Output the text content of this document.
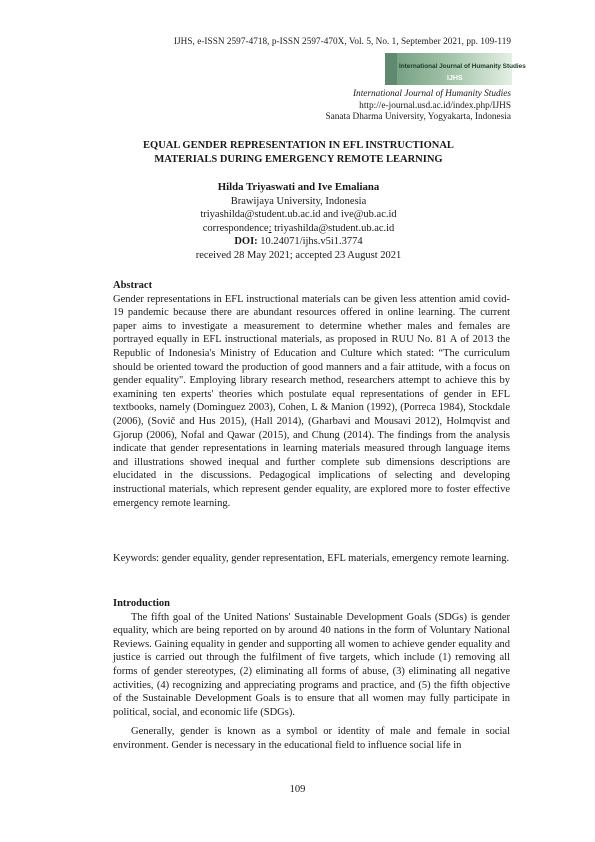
IJHS, e-ISSN 2597-4718, p-ISSN 2597-470X, Vol. 5, No. 1, September 2021, pp. 109-119
International Journal of Humanity Studies
IJHS
International Journal of Humanity Studies
http://e-journal.usd.ac.id/index.php/IJHS
Sanata Dharma University, Yogyakarta, Indonesia
EQUAL GENDER REPRESENTATION IN EFL INSTRUCTIONAL
MATERIALS DURING EMERGENCY REMOTE LEARNING
Hilda Triyaswati and Ive Emaliana
Brawijaya University, Indonesia
triyashilda@student.ub.ac.id and ive@ub.ac.id
correspondence: triyashilda@student.ub.ac.id
DOI: 10.24071/ijhs.v5i1.3774
received 28 May 2021; accepted 23 August 2021
Abstract
Gender representations in EFL instructional materials can be given less attention amid covid-19 pandemic because there are abundant resources offered in online learning. The current paper aims to investigate a measurement to determine whether males and females are portrayed equally in EFL instructional materials, as proposed in RUU No. 81 A of 2013 the Republic of Indonesia's Ministry of Education and Culture which stated: “The curriculum should be oriented toward the production of good manners and a fair attitude, with a focus on gender equality". Employing library research method, researchers attempt to achieve this by examining ten experts' theories which postulate equal representations of gender in EFL textbooks, namely (Dominguez 2003), Cohen, L & Manion (1992), (Porreca 1984), Stockdale (2006), (Sovič and Hus 2015), (Hall 2014), (Gharbavi and Mousavi 2012), Holmqvist and Gjorup (2006), Nofal and Qawar (2015), and Chung (2014). The findings from the analysis indicate that gender representations in learning materials measured through language items and illustrations showed inequal and further complete sub dimensions descriptions are elucidated in the discussions. Pedagogical implications of selecting and developing instructional materials, which represent gender equality, are explored more to foster effective emergency remote learning.
Keywords: gender equality, gender representation, EFL materials, emergency remote learning.
Introduction
The fifth goal of the United Nations' Sustainable Development Goals (SDGs) is gender equality, which are being reported on by around 40 nations in the form of Voluntary National Reviews. Gaining equality in gender and supporting all women to achieve gender equality and justice is carried out through the fulfilment of five targets, which include (1) removing all forms of gender stereotypes, (2) eliminating all forms of abuse, (3) eliminating all negative activities, (4) recognizing and appreciating programs and practice, and (5) the fifth objective of the Sustainable Development Goals is to ensure that all women may fully participate in political, social, and economic life (SDGs).
Generally, gender is known as a symbol or identity of male and female in social environment. Gender is necessary in the educational field to influence social life in
109
